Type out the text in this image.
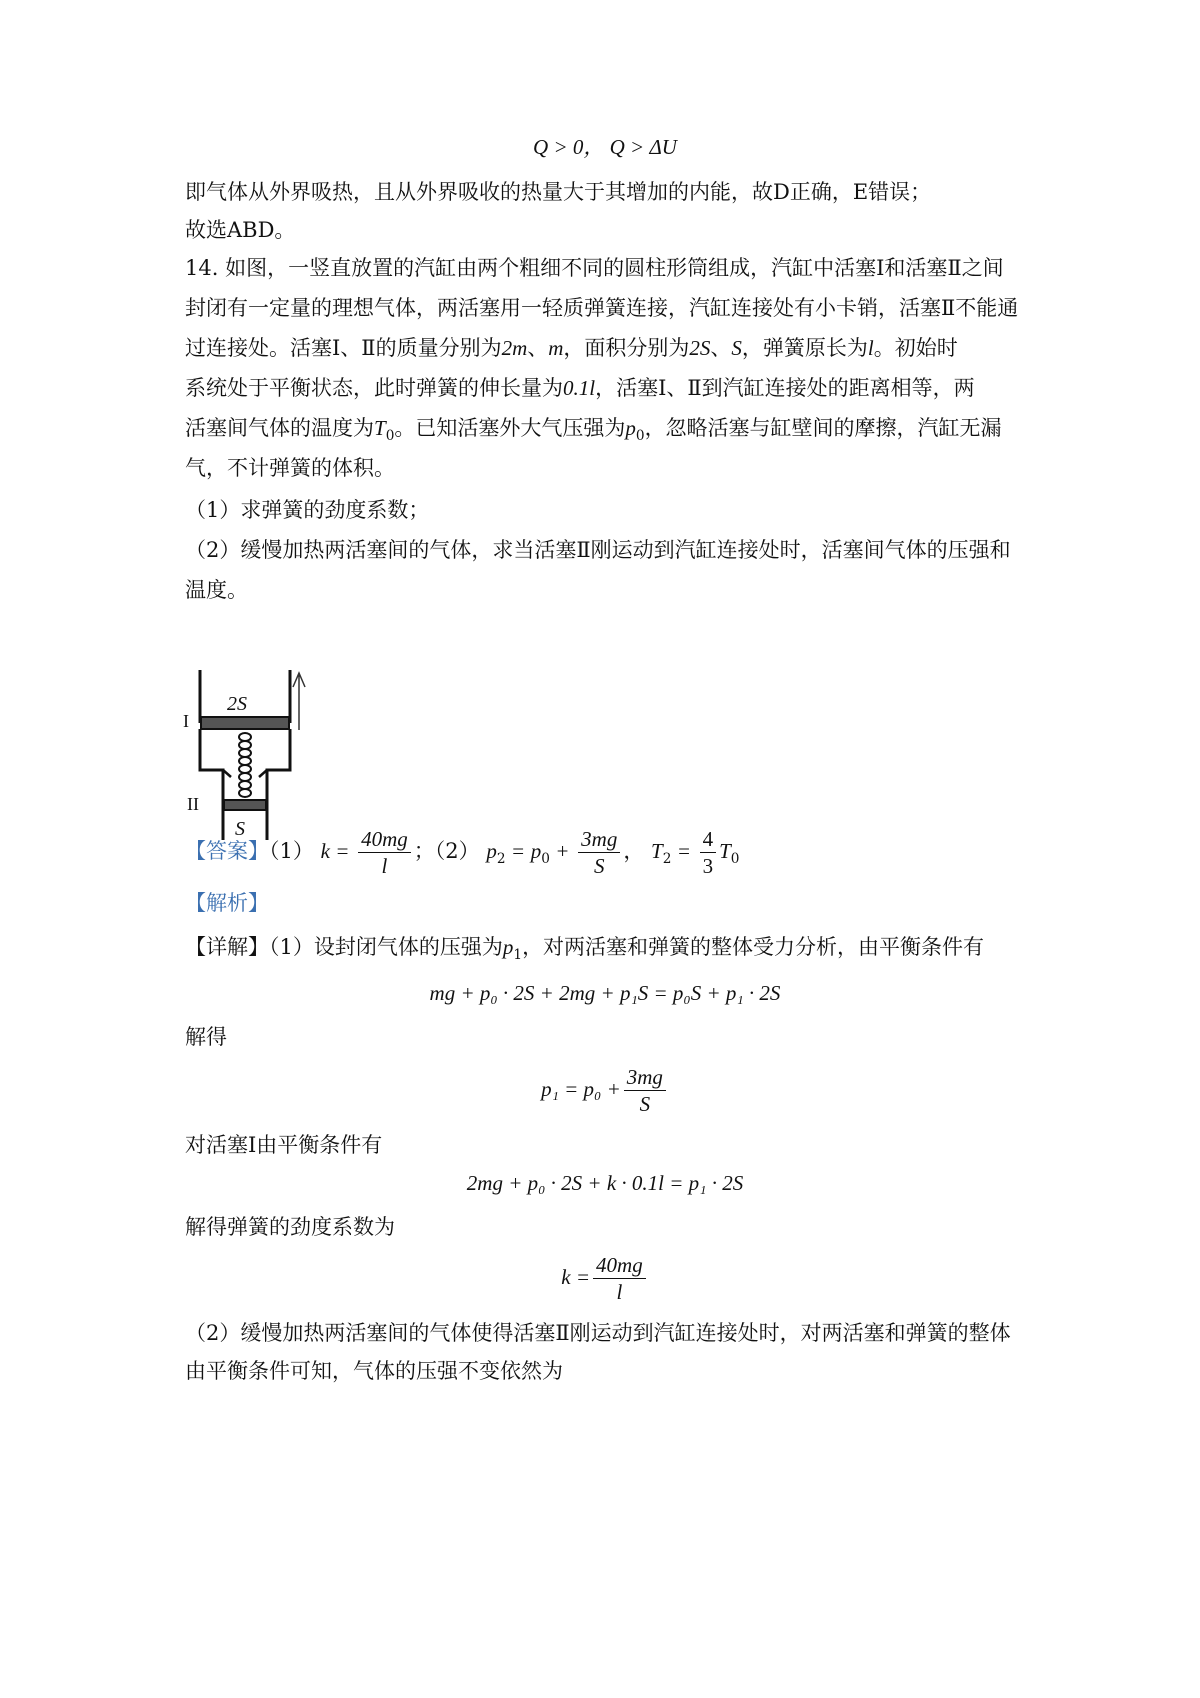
Q > 0， Q > ΔU
即气体从外界吸热，且从外界吸收的热量大于其增加的内能，故D正确，E错误；
故选ABD。
14. 如图，一竖直放置的汽缸由两个粗细不同的圆柱形筒组成，汽缸中活塞Ⅰ和活塞Ⅱ之间
封闭有一定量的理想气体，两活塞用一轻质弹簧连接，汽缸连接处有小卡销，活塞Ⅱ不能通
过连接处。活塞Ⅰ、Ⅱ的质量分别为2m、m，面积分别为2S、S，弹簧原长为l。初始时
系统处于平衡状态，此时弹簧的伸长量为0.1l，活塞Ⅰ、Ⅱ到汽缸连接处的距离相等，两
活塞间气体的温度为$T_0$。已知活塞外大气压强为$p_0$，忽略活塞与缸壁间的摩擦，汽缸无漏
气，不计弹簧的体积。
（1）求弹簧的劲度系数；
（2）缓慢加热两活塞间的气体，求当活塞Ⅱ刚运动到汽缸连接处时，活塞间气体的压强和
温度。
2S
S
I
II
【答案】（1） $k = \frac{40mg}{l}$ ；（2） $p_2 = p_0 + \frac{3mg}{S}$ ， $T_2 = \frac{4}{3} T_0$
【解析】
【详解】（1）设封闭气体的压强为$p_1$，对两活塞和弹簧的整体受力分析，由平衡条件有
mg + p₀ · 2S + 2mg + p₁S = p₀S + p₁ · 2S
解得
$p_1 = p_0 + \frac{3mg}{S}$
对活塞Ⅰ由平衡条件有
2mg + p₀ · 2S + k · 0.1l = p₁ · 2S
解得弹簧的劲度系数为
$k = \frac{40mg}{l}$
（2）缓慢加热两活塞间的气体使得活塞Ⅱ刚运动到汽缸连接处时，对两活塞和弹簧的整体
由平衡条件可知，气体的压强不变依然为
